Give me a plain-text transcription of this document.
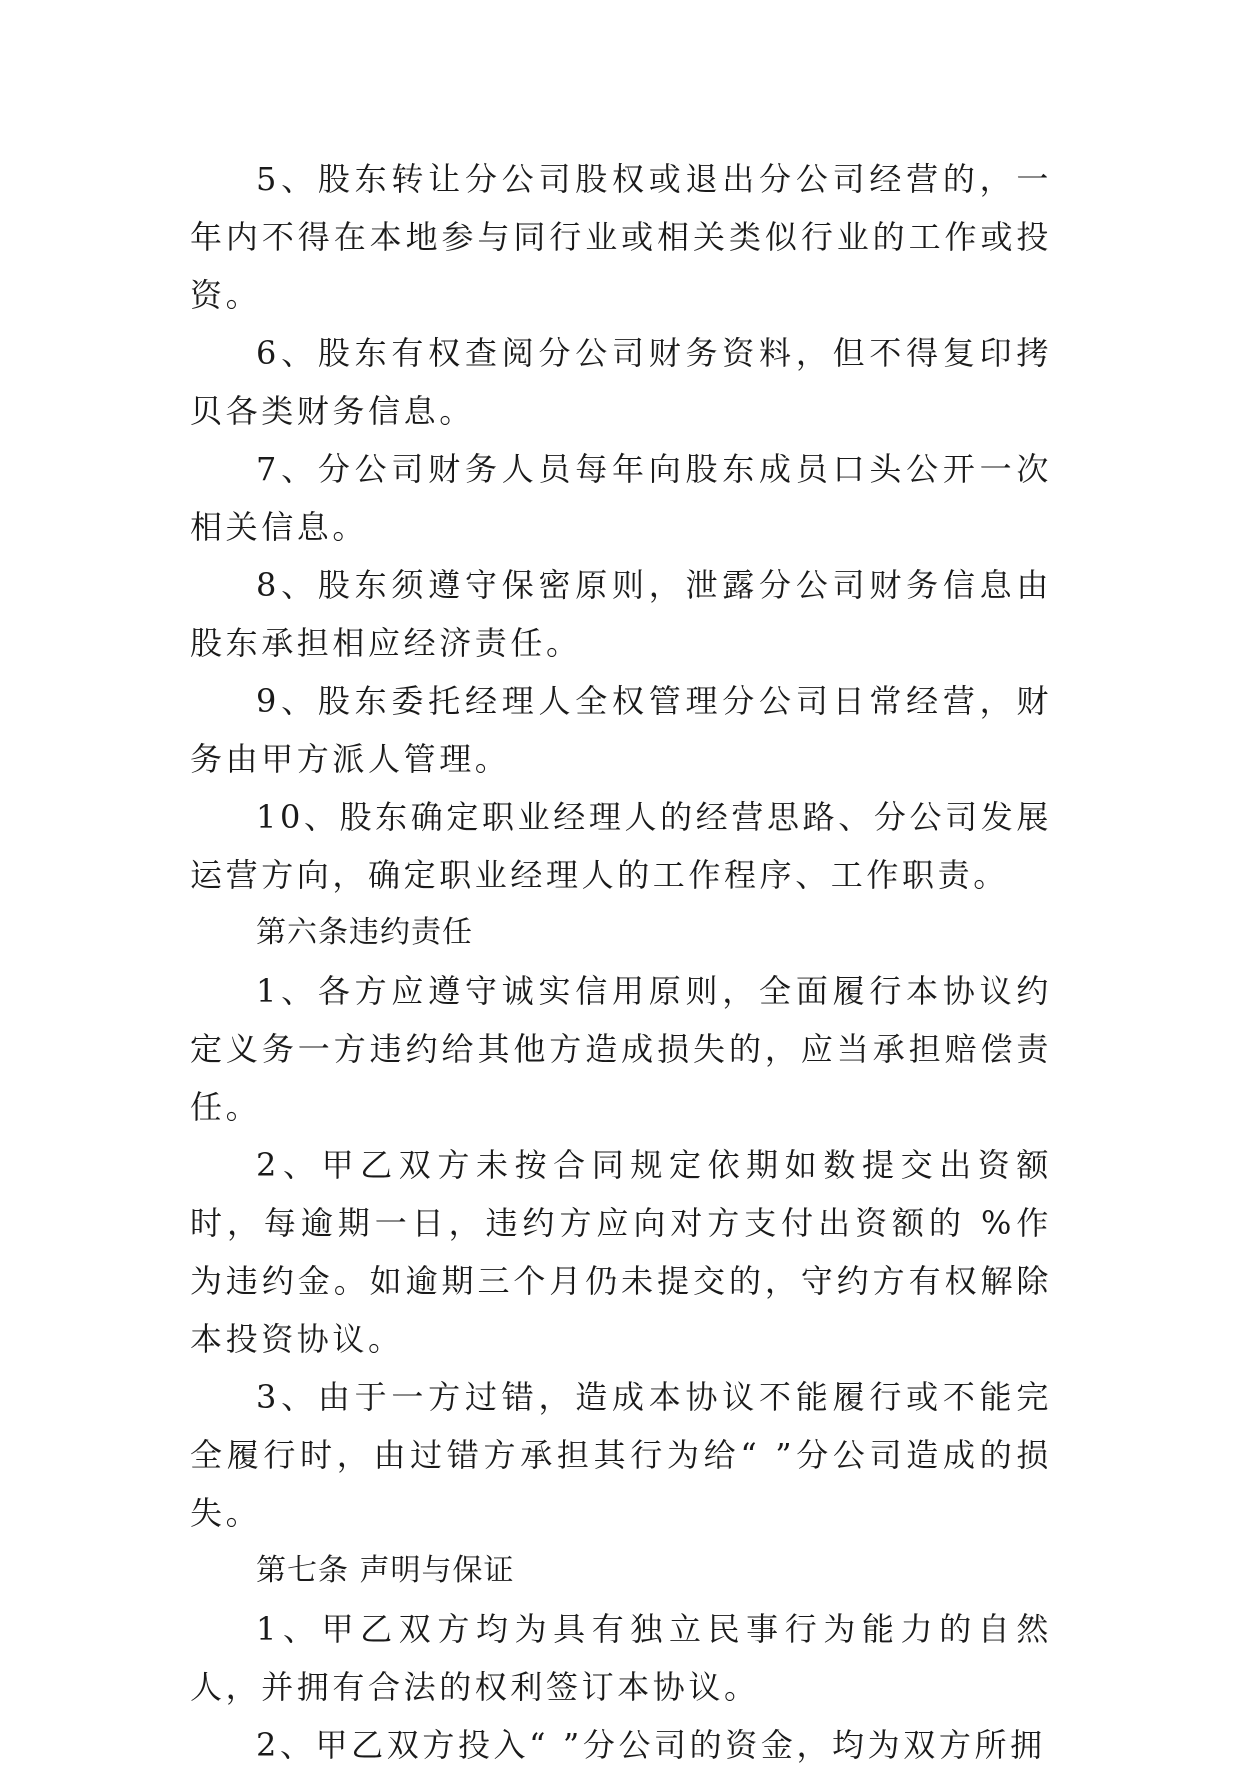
5、股东转让分公司股权或退出分公司经营的，一年内不得在本地参与同行业或相关类似行业的工作或投资。

6、股东有权查阅分公司财务资料，但不得复印拷贝各类财务信息。

7、分公司财务人员每年向股东成员口头公开一次相关信息。

8、股东须遵守保密原则，泄露分公司财务信息由股东承担相应经济责任。

9、股东委托经理人全权管理分公司日常经营，财务由甲方派人管理。

10、股东确定职业经理人的经营思路、分公司发展运营方向，确定职业经理人的工作程序、工作职责。

第六条违约责任

1、各方应遵守诚实信用原则，全面履行本协议约定义务一方违约给其他方造成损失的，应当承担赔偿责任。

2、甲乙双方未按合同规定依期如数提交出资额时，每逾期一日，违约方应向对方支付出资额的 %作为违约金。如逾期三个月仍未提交的，守约方有权解除本投资协议。

3、由于一方过错，造成本协议不能履行或不能完全履行时，由过错方承担其行为给“ ”分公司造成的损失。

第七条 声明与保证

1、甲乙双方均为具有独立民事行为能力的自然人，并拥有合法的权利签订本协议。

2、甲乙双方投入“ ”分公司的资金，均为双方所拥
